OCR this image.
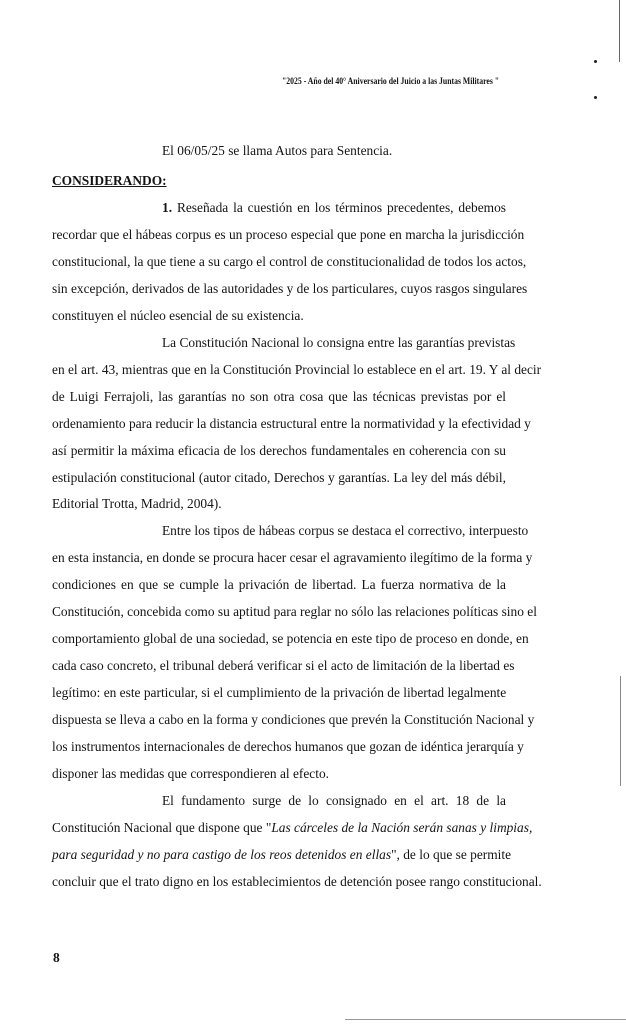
"2025 - Año del 40° Aniversario del Juicio a las Juntas Militares "
El 06/05/25 se llama Autos para Sentencia.
CONSIDERANDO:
1. Reseñada la cuestión en los términos precedentes, debemos
recordar que el hábeas corpus es un proceso especial que pone en marcha la jurisdicción
constitucional, la que tiene a su cargo el control de constitucionalidad de todos los actos,
sin excepción, derivados de las autoridades y de los particulares, cuyos rasgos singulares
constituyen el núcleo esencial de su existencia.
La Constitución Nacional lo consigna entre las garantías previstas
en el art. 43, mientras que en la Constitución Provincial lo establece en el art. 19. Y al decir
de Luigi Ferrajoli, las garantías no son otra cosa que las técnicas previstas por el
ordenamiento para reducir la distancia estructural entre la normatividad y la efectividad y
así permitir la máxima eficacia de los derechos fundamentales en coherencia con su
estipulación constitucional (autor citado, Derechos y garantías. La ley del más débil,
Editorial Trotta, Madrid, 2004).
Entre los tipos de hábeas corpus se destaca el correctivo, interpuesto
en esta instancia, en donde se procura hacer cesar el agravamiento ilegítimo de la forma y
condiciones en que se cumple la privación de libertad. La fuerza normativa de la
Constitución, concebida como su aptitud para reglar no sólo las relaciones políticas sino el
comportamiento global de una sociedad, se potencia en este tipo de proceso en donde, en
cada caso concreto, el tribunal deberá verificar si el acto de limitación de la libertad es
legítimo: en este particular, si el cumplimiento de la privación de libertad legalmente
dispuesta se lleva a cabo en la forma y condiciones que prevén la Constitución Nacional y
los instrumentos internacionales de derechos humanos que gozan de idéntica jerarquía y
disponer las medidas que correspondieren al efecto.
El fundamento surge de lo consignado en el art. 18 de la
Constitución Nacional que dispone que "Las cárceles de la Nación serán sanas y limpias,
para seguridad y no para castigo de los reos detenidos en ellas", de lo que se permite
concluir que el trato digno en los establecimientos de detención posee rango constitucional.
8
